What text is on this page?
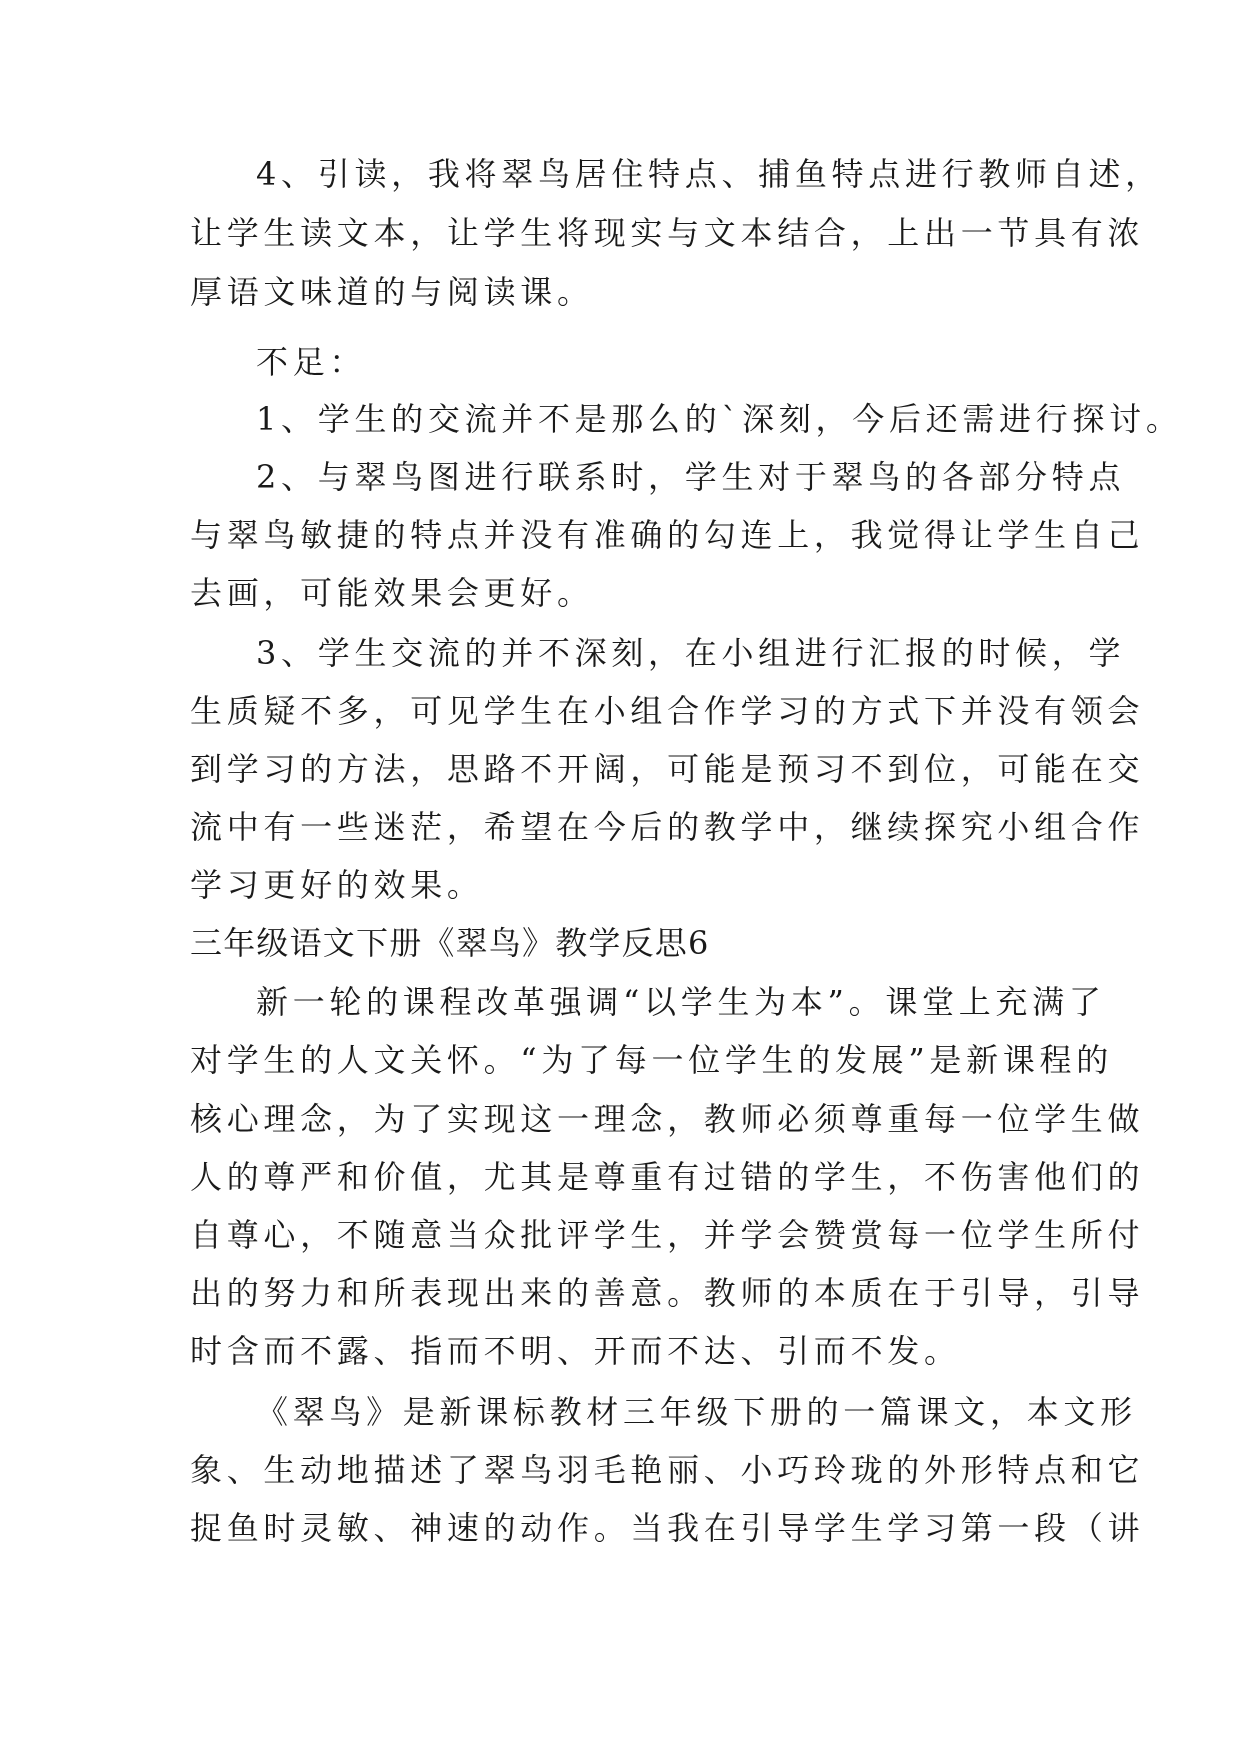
4、引读，我将翠鸟居住特点、捕鱼特点进行教师自述，
让学生读文本，让学生将现实与文本结合，上出一节具有浓
厚语文味道的与阅读课。
不足：
1、学生的交流并不是那么的`深刻，今后还需进行探讨。
2、与翠鸟图进行联系时，学生对于翠鸟的各部分特点
与翠鸟敏捷的特点并没有准确的勾连上，我觉得让学生自己
去画，可能效果会更好。
3、学生交流的并不深刻，在小组进行汇报的时候，学
生质疑不多，可见学生在小组合作学习的方式下并没有领会
到学习的方法，思路不开阔，可能是预习不到位，可能在交
流中有一些迷茫，希望在今后的教学中，继续探究小组合作
学习更好的效果。
三年级语文下册《翠鸟》教学反思6
新一轮的课程改革强调“以学生为本”。课堂上充满了
对学生的人文关怀。“为了每一位学生的发展”是新课程的
核心理念，为了实现这一理念，教师必须尊重每一位学生做
人的尊严和价值，尤其是尊重有过错的学生，不伤害他们的
自尊心，不随意当众批评学生，并学会赞赏每一位学生所付
出的努力和所表现出来的善意。教师的本质在于引导，引导
时含而不露、指而不明、开而不达、引而不发。
《翠鸟》是新课标教材三年级下册的一篇课文，本文形
象、生动地描述了翠鸟羽毛艳丽、小巧玲珑的外形特点和它
捉鱼时灵敏、神速的动作。当我在引导学生学习第一段（讲
